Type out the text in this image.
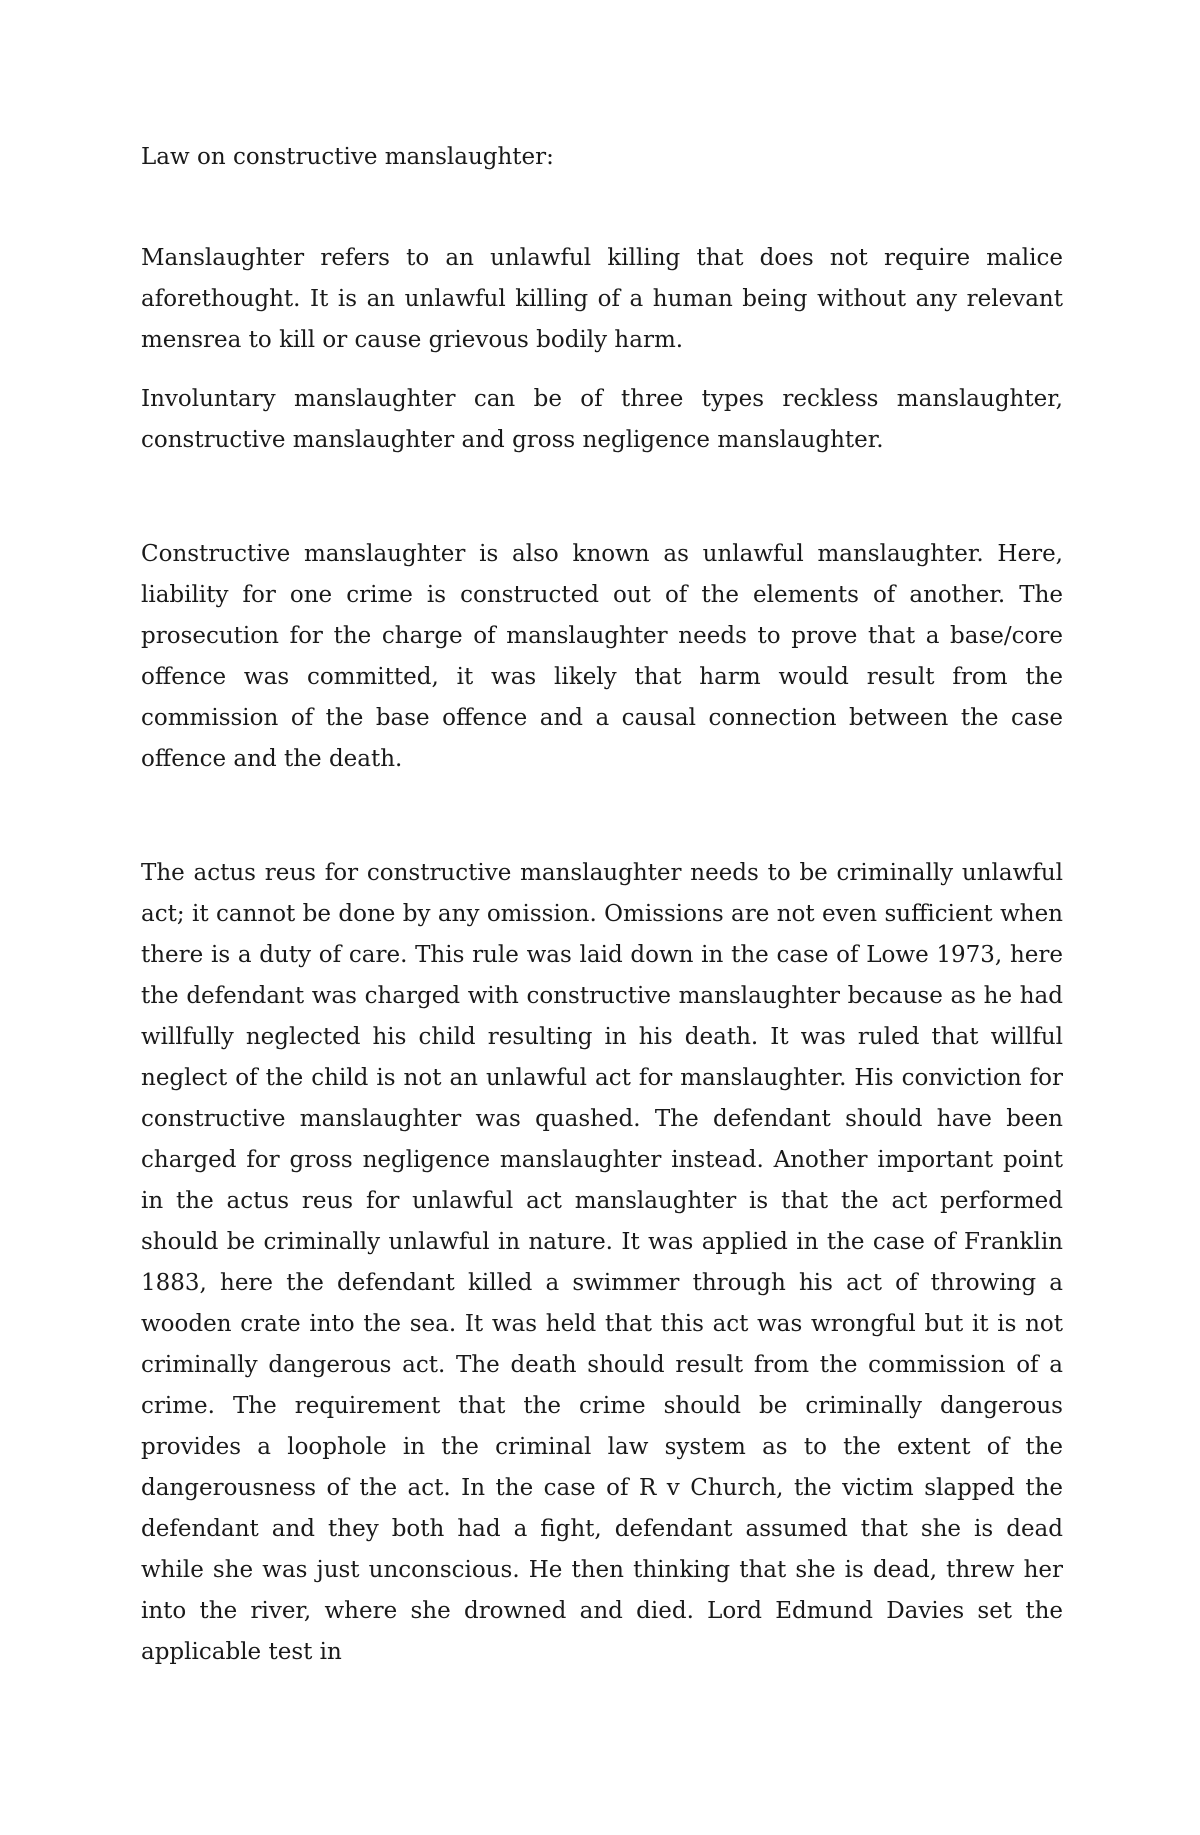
Law on constructive manslaughter:

Manslaughter refers to an unlawful killing that does not require malice aforethought. It is an unlawful killing of a human being without any relevant mensrea to kill or cause grievous bodily harm.

Involuntary manslaughter can be of three types reckless manslaughter, constructive manslaughter and gross negligence manslaughter.

Constructive manslaughter is also known as unlawful manslaughter. Here, liability for one crime is constructed out of the elements of another. The prosecution for the charge of manslaughter needs to prove that a base/core offence was committed, it was likely that harm would result from the commission of the base offence and a causal connection between the case offence and the death.

The actus reus for constructive manslaughter needs to be criminally unlawful act; it cannot be done by any omission. Omissions are not even sufficient when there is a duty of care. This rule was laid down in the case of Lowe 1973, here the defendant was charged with constructive manslaughter because as he had willfully neglected his child resulting in his death. It was ruled that willful neglect of the child is not an unlawful act for manslaughter. His conviction for constructive manslaughter was quashed. The defendant should have been charged for gross negligence manslaughter instead. Another important point in the actus reus for unlawful act manslaughter is that the act performed should be criminally unlawful in nature. It was applied in the case of Franklin 1883, here the defendant killed a swimmer through his act of throwing a wooden crate into the sea. It was held that this act was wrongful but it is not criminally dangerous act. The death should result from the commission of a crime. The requirement that the crime should be criminally dangerous provides a loophole in the criminal law system as to the extent of the dangerousness of the act. In the case of R v Church, the victim slapped the defendant and they both had a fight, defendant assumed that she is dead while she was just unconscious. He then thinking that she is dead, threw her into the river, where she drowned and died. Lord Edmund Davies set the applicable test in
